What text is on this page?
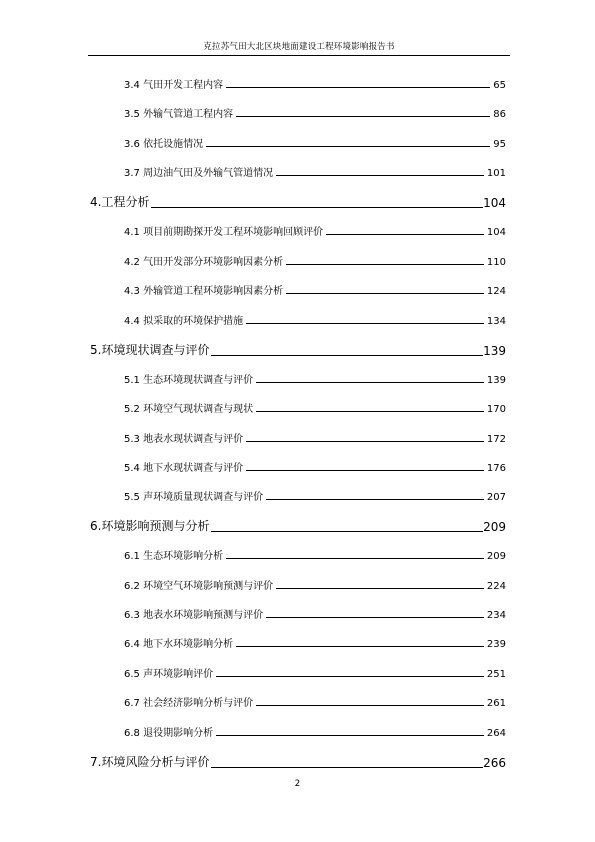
克拉苏气田大北区块地面建设工程环境影响报告书
3.4 气田开发工程内容	65
3.5 外输气管道工程内容	86
3.6 依托设施情况	95
3.7 周边油气田及外输气管道情况	101
4.工程分析	104
4.1 项目前期勘探开发工程环境影响回顾评价	104
4.2 气田开发部分环境影响因素分析	110
4.3 外输管道工程环境影响因素分析	124
4.4 拟采取的环境保护措施	134
5.环境现状调查与评价	139
5.1 生态环境现状调查与评价	139
5.2 环境空气现状调查与现状	170
5.3 地表水现状调查与评价	172
5.4 地下水现状调查与评价	176
5.5 声环境质量现状调查与评价	207
6.环境影响预测与分析	209
6.1 生态环境影响分析	209
6.2 环境空气环境影响预测与评价	224
6.3 地表水环境影响预测与评价	234
6.4 地下水环境影响分析	239
6.5 声环境影响评价	251
6.7 社会经济影响分析与评价	261
6.8 退役期影响分析	264
7.环境风险分析与评价	266
2
